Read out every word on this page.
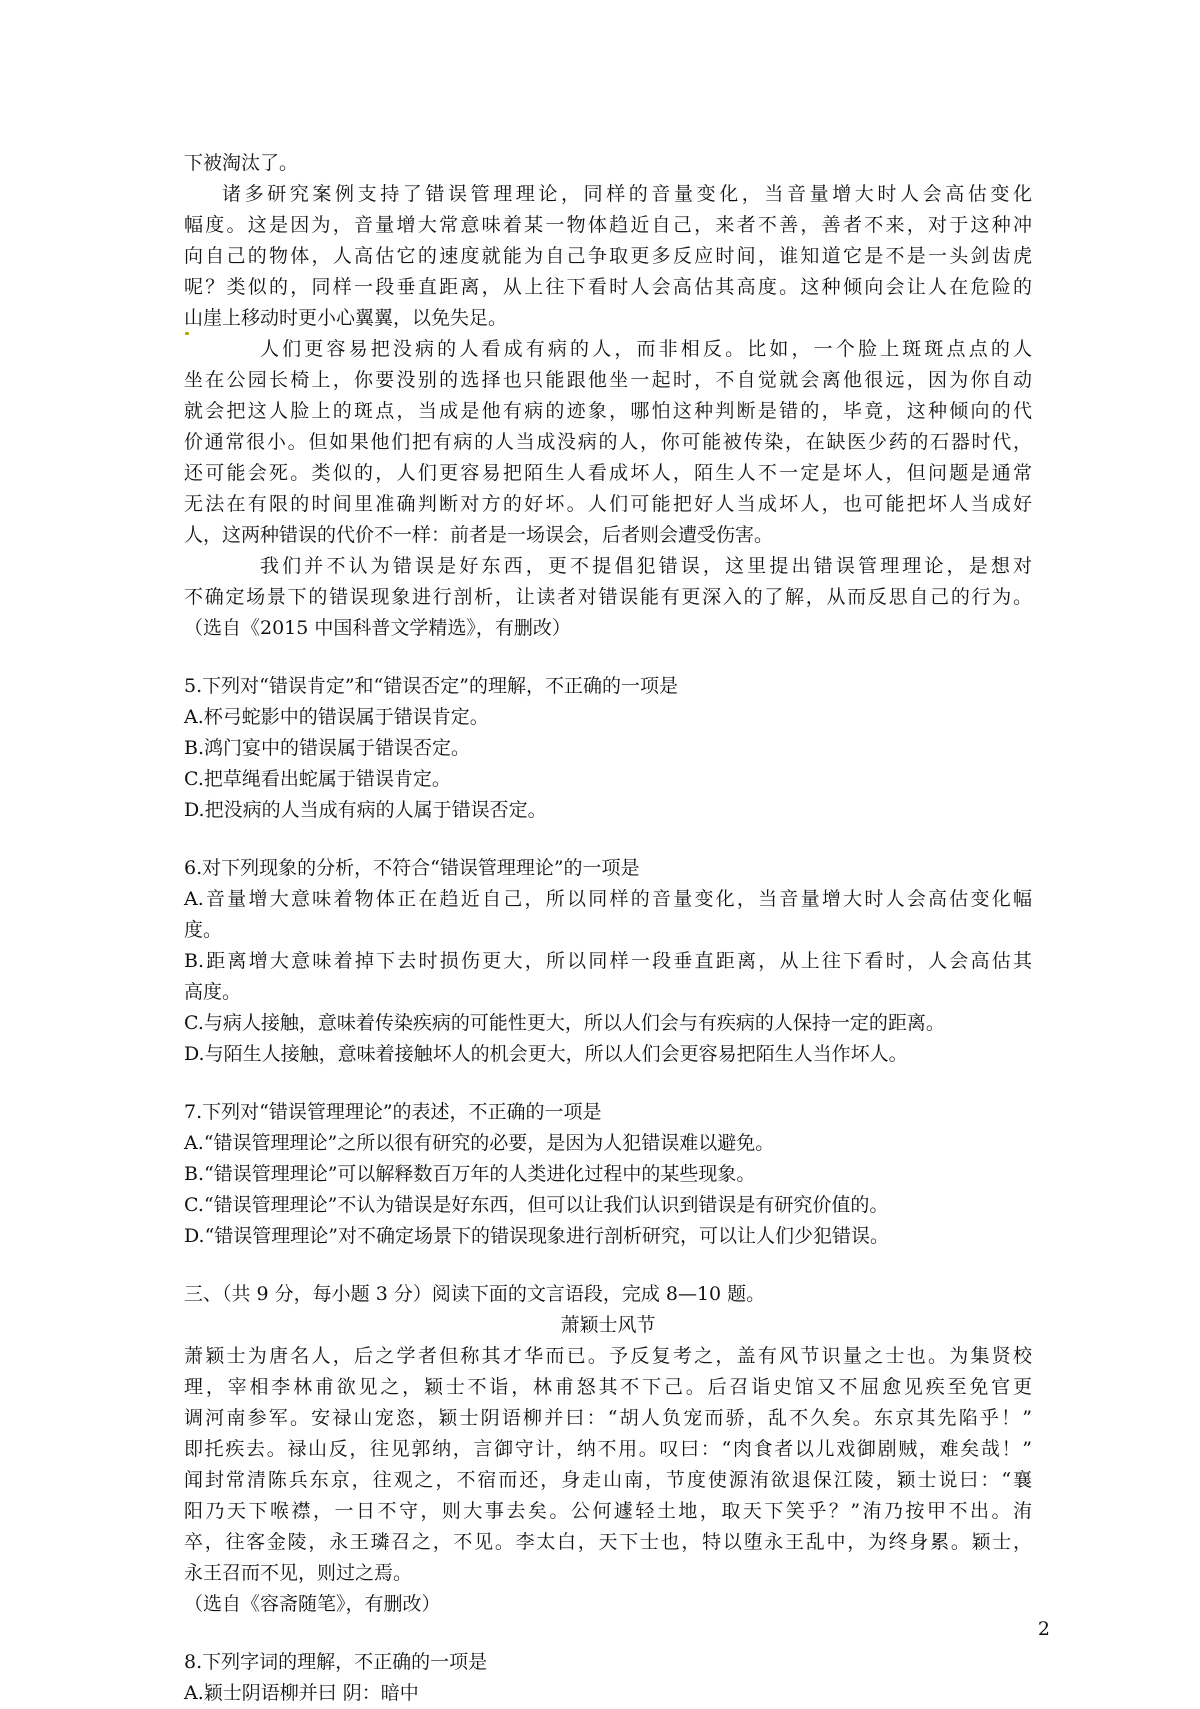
下被淘汰了。
诸多研究案例支持了错误管理理论，同样的音量变化，当音量增大时人会高估变化
幅度。这是因为，音量增大常意味着某一物体趋近自己，来者不善，善者不来，对于这种冲
向自己的物体，人高估它的速度就能为自己争取更多反应时间，谁知道它是不是一头剑齿虎
呢？类似的，同样一段垂直距离，从上往下看时人会高估其高度。这种倾向会让人在危险的
山崖上移动时更小心翼翼，以免失足。
人们更容易把没病的人看成有病的人，而非相反。比如，一个脸上斑斑点点的人
坐在公园长椅上，你要没别的选择也只能跟他坐一起时，不自觉就会离他很远，因为你自动
就会把这人脸上的斑点，当成是他有病的迹象，哪怕这种判断是错的，毕竟，这种倾向的代
价通常很小。但如果他们把有病的人当成没病的人，你可能被传染，在缺医少药的石器时代，
还可能会死。类似的，人们更容易把陌生人看成坏人，陌生人不一定是坏人，但问题是通常
无法在有限的时间里准确判断对方的好坏。人们可能把好人当成坏人，也可能把坏人当成好
人，这两种错误的代价不一样：前者是一场误会，后者则会遭受伤害。
我们并不认为错误是好东西，更不提倡犯错误，这里提出错误管理理论，是想对
不确定场景下的错误现象进行剖析，让读者对错误能有更深入的了解，从而反思自己的行为。
（选自《2015 中国科普文学精选》，有删改）
5.下列对“错误肯定”和“错误否定”的理解，不正确的一项是
A.杯弓蛇影中的错误属于错误肯定。
B.鸿门宴中的错误属于错误否定。
C.把草绳看出蛇属于错误肯定。
D.把没病的人当成有病的人属于错误否定。
6.对下列现象的分析，不符合“错误管理理论”的一项是
A.音量增大意味着物体正在趋近自己，所以同样的音量变化，当音量增大时人会高估变化幅
度。
B.距离增大意味着掉下去时损伤更大，所以同样一段垂直距离，从上往下看时，人会高估其
高度。
C.与病人接触，意味着传染疾病的可能性更大，所以人们会与有疾病的人保持一定的距离。
D.与陌生人接触，意味着接触坏人的机会更大，所以人们会更容易把陌生人当作坏人。
7.下列对“错误管理理论”的表述，不正确的一项是
A.“错误管理理论”之所以很有研究的必要，是因为人犯错误难以避免。
B.“错误管理理论”可以解释数百万年的人类进化过程中的某些现象。
C.“错误管理理论”不认为错误是好东西，但可以让我们认识到错误是有研究价值的。
D.“错误管理理论”对不确定场景下的错误现象进行剖析研究，可以让人们少犯错误。
三、（共 9 分，每小题 3 分）阅读下面的文言语段，完成 8—10 题。
萧颖士风节
萧颖士为唐名人，后之学者但称其才华而已。予反复考之，盖有风节识量之士也。为集贤校
理，宰相李林甫欲见之，颖士不诣，林甫怒其不下己。后召诣史馆又不屈愈见疾至免官更
调河南参军。安禄山宠恣，颖士阴语柳并曰：“胡人负宠而骄，乱不久矣。东京其先陷乎！”
即托疾去。禄山反，往见郭纳，言御守计，纳不用。叹曰：“肉食者以儿戏御剧贼，难矣哉！”
闻封常清陈兵东京，往观之，不宿而还，身走山南，节度使源洧欲退保江陵，颖士说曰：“襄
阳乃天下喉襟，一日不守，则大事去矣。公何遽轻土地，取天下笑乎？”洧乃按甲不出。洧
卒，往客金陵，永王璘召之，不见。李太白，天下士也，特以堕永王乱中，为终身累。颖士，
永王召而不见，则过之焉。
（选自《容斋随笔》，有删改）
8.下列字词的理解，不正确的一项是
A.颖士阴语柳并曰 阴：暗中
2
